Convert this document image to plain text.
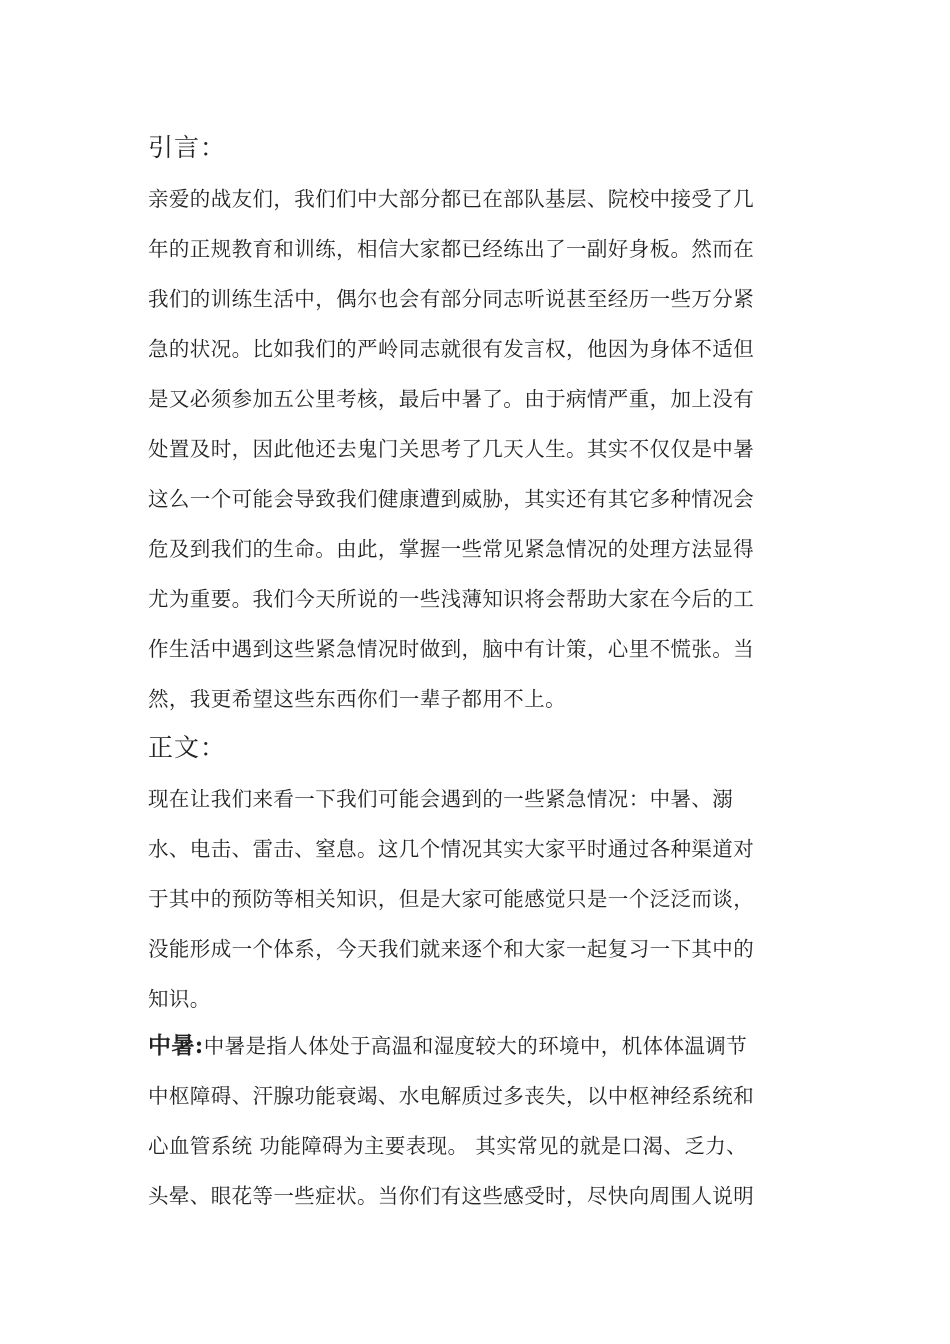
引言：
亲爱的战友们，我们们中大部分都已在部队基层、院校中接受了几
年的正规教育和训练，相信大家都已经练出了一副好身板。然而在
我们的训练生活中，偶尔也会有部分同志听说甚至经历一些万分紧
急的状况。比如我们的严岭同志就很有发言权，他因为身体不适但
是又必须参加五公里考核，最后中暑了。由于病情严重，加上没有
处置及时，因此他还去鬼门关思考了几天人生。其实不仅仅是中暑
这么一个可能会导致我们健康遭到威胁，其实还有其它多种情况会
危及到我们的生命。由此，掌握一些常见紧急情况的处理方法显得
尤为重要。我们今天所说的一些浅薄知识将会帮助大家在今后的工
作生活中遇到这些紧急情况时做到，脑中有计策，心里不慌张。当
然，我更希望这些东西你们一辈子都用不上。
正文：
现在让我们来看一下我们可能会遇到的一些紧急情况：中暑、溺
水、电击、雷击、窒息。这几个情况其实大家平时通过各种渠道对
于其中的预防等相关知识，但是大家可能感觉只是一个泛泛而谈，
没能形成一个体系，今天我们就来逐个和大家一起复习一下其中的
知识。
中暑:中暑是指人体处于高温和湿度较大的环境中，机体体温调节
中枢障碍、汗腺功能衰竭、水电解质过多丧失，以中枢神经系统和
心血管系统 功能障碍为主要表现。 其实常见的就是口渴、乏力、
头晕、眼花等一些症状。当你们有这些感受时，尽快向周围人说明
